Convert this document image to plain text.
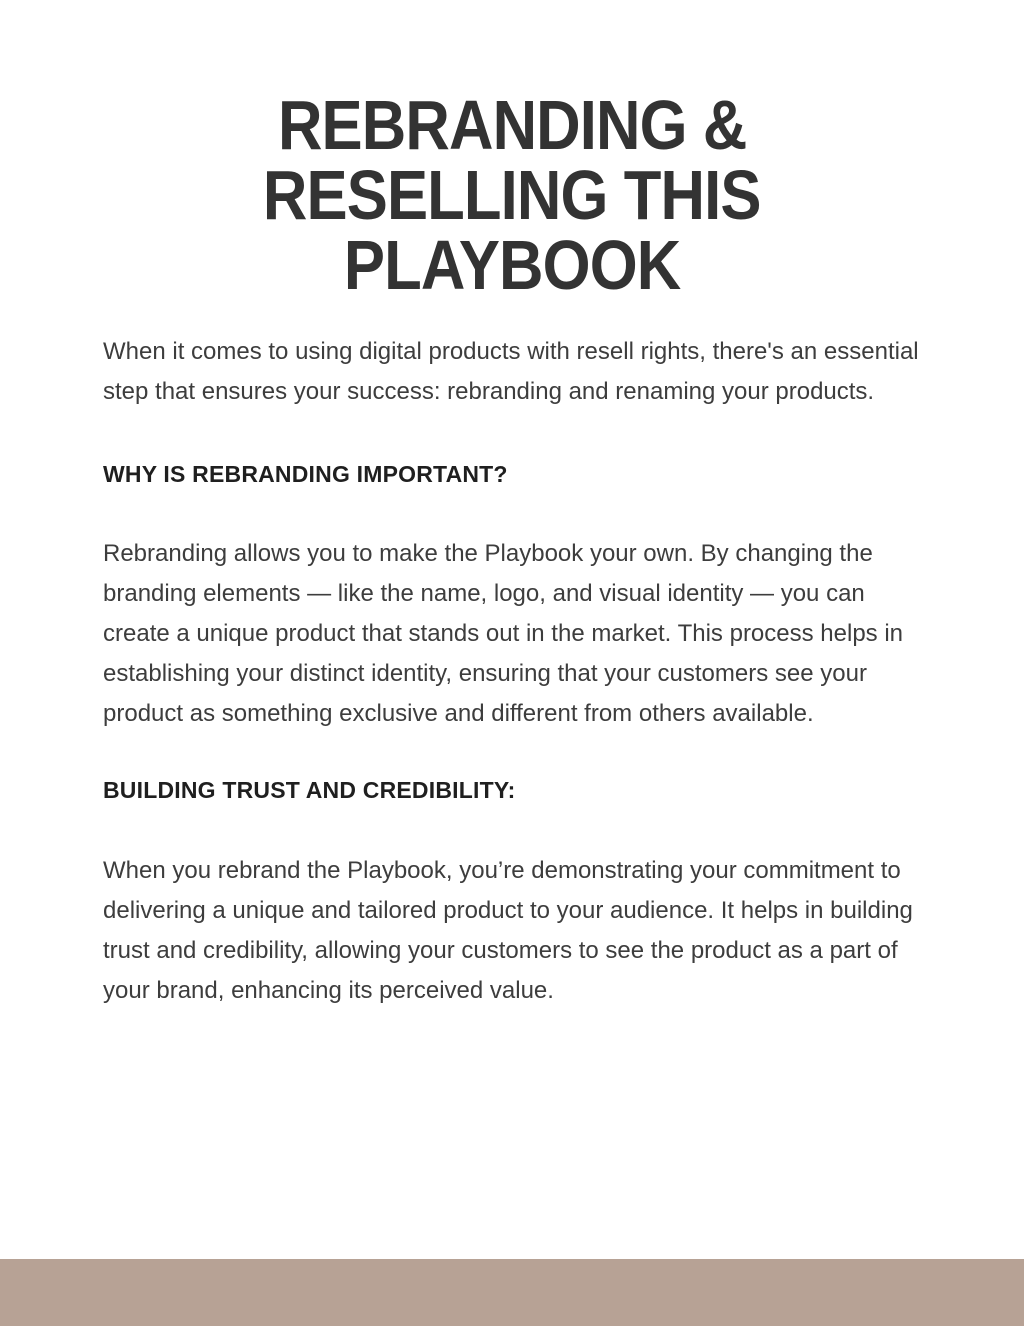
REBRANDING &
RESELLING THIS
PLAYBOOK

When it comes to using digital products with resell rights, there's an essential step that ensures your success: rebranding and renaming your products.

WHY IS REBRANDING IMPORTANT?

Rebranding allows you to make the Playbook your own. By changing the branding elements — like the name, logo, and visual identity — you can create a unique product that stands out in the market. This process helps in establishing your distinct identity, ensuring that your customers see your product as something exclusive and different from others available.

BUILDING TRUST AND CREDIBILITY:

When you rebrand the Playbook, you’re demonstrating your commitment to delivering a unique and tailored product to your audience. It helps in building trust and credibility, allowing your customers to see the product as a part of your brand, enhancing its perceived value.
